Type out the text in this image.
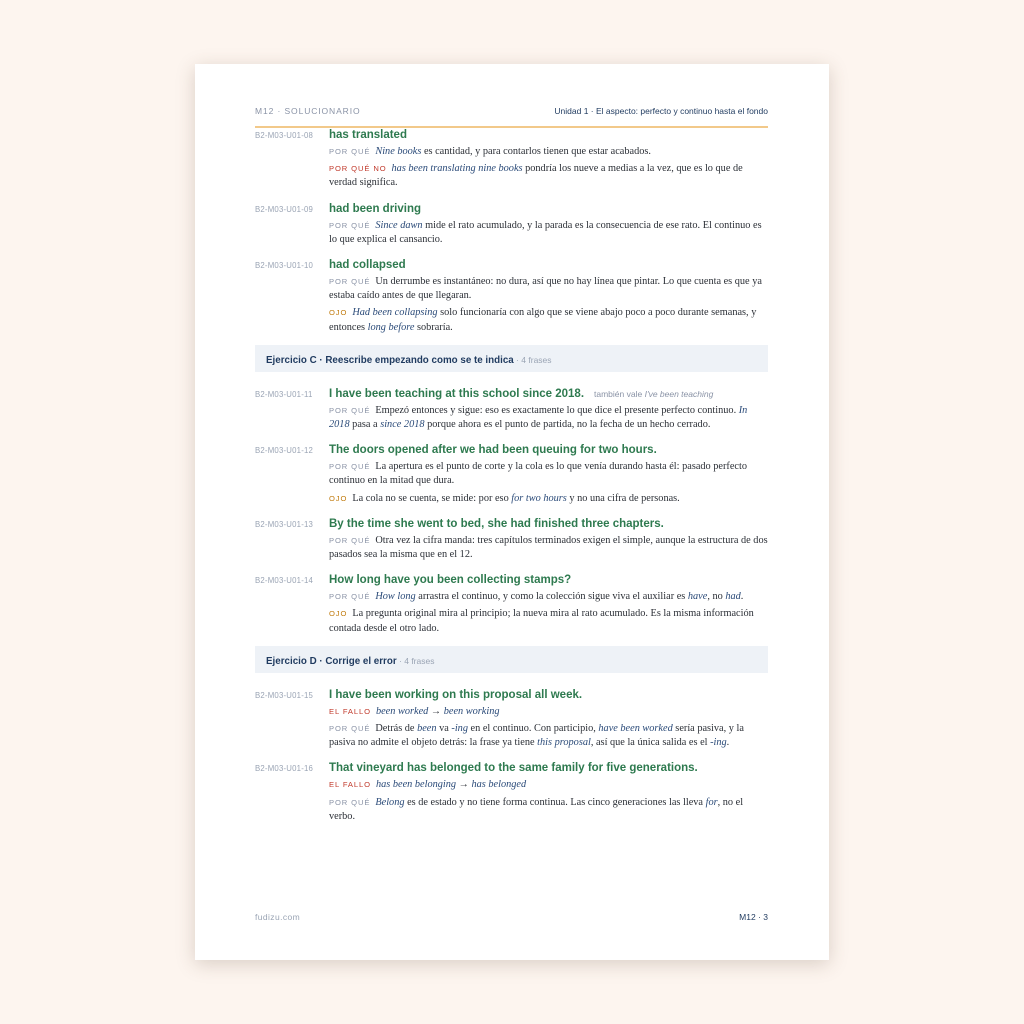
M12 · SOLUCIONARIO	Unidad 1 · El aspecto: perfecto y continuo hasta el fondo
B2-M03-U01-08 has translated
POR QUÉ Nine books es cantidad, y para contarlos tienen que estar acabados.
POR QUÉ NO has been translating nine books pondría los nueve a medias a la vez, que es lo que de verdad significa.
B2-M03-U01-09 had been driving
POR QUÉ Since dawn mide el rato acumulado, y la parada es la consecuencia de ese rato. El continuo es lo que explica el cansancio.
B2-M03-U01-10 had collapsed
POR QUÉ Un derrumbe es instantáneo: no dura, así que no hay línea que pintar. Lo que cuenta es que ya estaba caído antes de que llegaran.
OJO Had been collapsing solo funcionaría con algo que se viene abajo poco a poco durante semanas, y entonces long before sobraría.
Ejercicio C · Reescribe empezando como se te indica · 4 frases
B2-M03-U01-11 I have been teaching at this school since 2018. también vale I've been teaching
POR QUÉ Empezó entonces y sigue: eso es exactamente lo que dice el presente perfecto continuo. In 2018 pasa a since 2018 porque ahora es el punto de partida, no la fecha de un hecho cerrado.
B2-M03-U01-12 The doors opened after we had been queuing for two hours.
POR QUÉ La apertura es el punto de corte y la cola es lo que venía durando hasta él: pasado perfecto continuo en la mitad que dura.
OJO La cola no se cuenta, se mide: por eso for two hours y no una cifra de personas.
B2-M03-U01-13 By the time she went to bed, she had finished three chapters.
POR QUÉ Otra vez la cifra manda: tres capítulos terminados exigen el simple, aunque la estructura de dos pasados sea la misma que en el 12.
B2-M03-U01-14 How long have you been collecting stamps?
POR QUÉ How long arrastra el continuo, y como la colección sigue viva el auxiliar es have, no had.
OJO La pregunta original mira al principio; la nueva mira al rato acumulado. Es la misma información contada desde el otro lado.
Ejercicio D · Corrige el error · 4 frases
B2-M03-U01-15 I have been working on this proposal all week.
EL FALLO been worked → been working
POR QUÉ Detrás de been va -ing en el continuo. Con participio, have been worked sería pasiva, y la pasiva no admite el objeto detrás: la frase ya tiene this proposal, así que la única salida es el -ing.
B2-M03-U01-16 That vineyard has belonged to the same family for five generations.
EL FALLO has been belonging → has belonged
POR QUÉ Belong es de estado y no tiene forma continua. Las cinco generaciones las lleva for, no el verbo.
fudizu.com	M12 · 3
